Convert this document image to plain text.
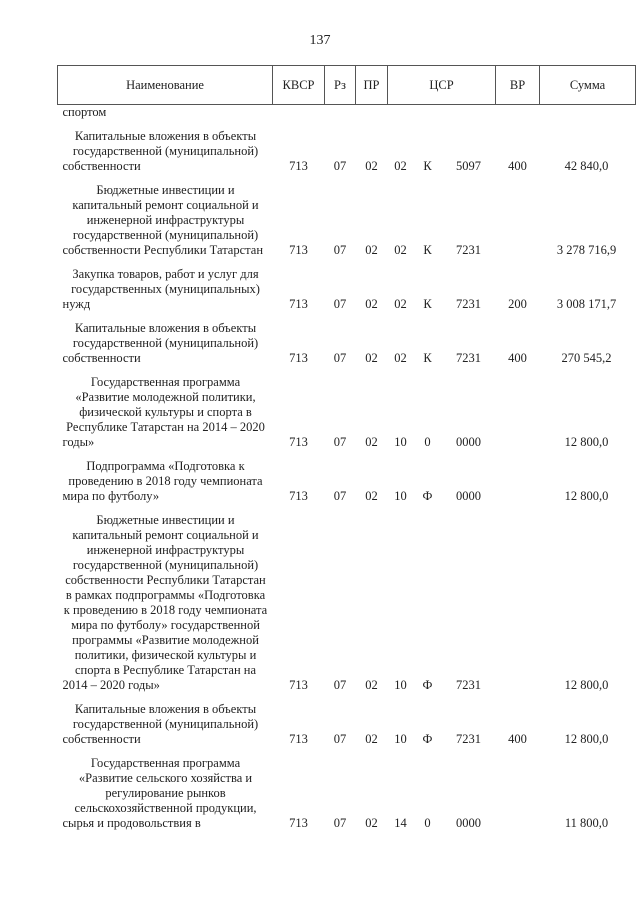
137
Наименование	КВСР	Рз	ПР	ЦСР			ВР	Сумма
спортом								
Капитальные вложения в объекты государственной (муниципальной) собственности	713	07	02	02	К	5097	400	42 840,0
Бюджетные инвестиции и капитальный ремонт социальной и инженерной инфраструктуры государственной (муниципальной) собственности Республики Татарстан	713	07	02	02	К	7231		3 278 716,9
Закупка товаров, работ и услуг для государственных (муниципальных) нужд	713	07	02	02	К	7231	200	3 008 171,7
Капитальные вложения в объекты государственной (муниципальной) собственности	713	07	02	02	К	7231	400	270 545,2
Государственная программа «Развитие молодежной политики, физической культуры и спорта в Республике Татарстан на 2014 – 2020 годы»	713	07	02	10	0	0000		12 800,0
Подпрограмма «Подготовка к проведению в 2018 году чемпионата мира по футболу»	713	07	02	10	Ф	0000		12 800,0
Бюджетные инвестиции и капитальный ремонт социальной и инженерной инфраструктуры государственной (муниципальной) собственности Республики Татарстан в рамках подпрограммы «Подготовка к проведению в 2018 году чемпионата мира по футболу» государственной программы «Развитие молодежной политики, физической культуры и спорта в Республике Татарстан на 2014 – 2020 годы»	713	07	02	10	Ф	7231		12 800,0
Капитальные вложения в объекты государственной (муниципальной) собственности	713	07	02	10	Ф	7231	400	12 800,0
Государственная программа «Развитие сельского хозяйства и регулирование рынков сельскохозяйственной продукции, сырья и продовольствия в	713	07	02	14	0	0000		11 800,0
